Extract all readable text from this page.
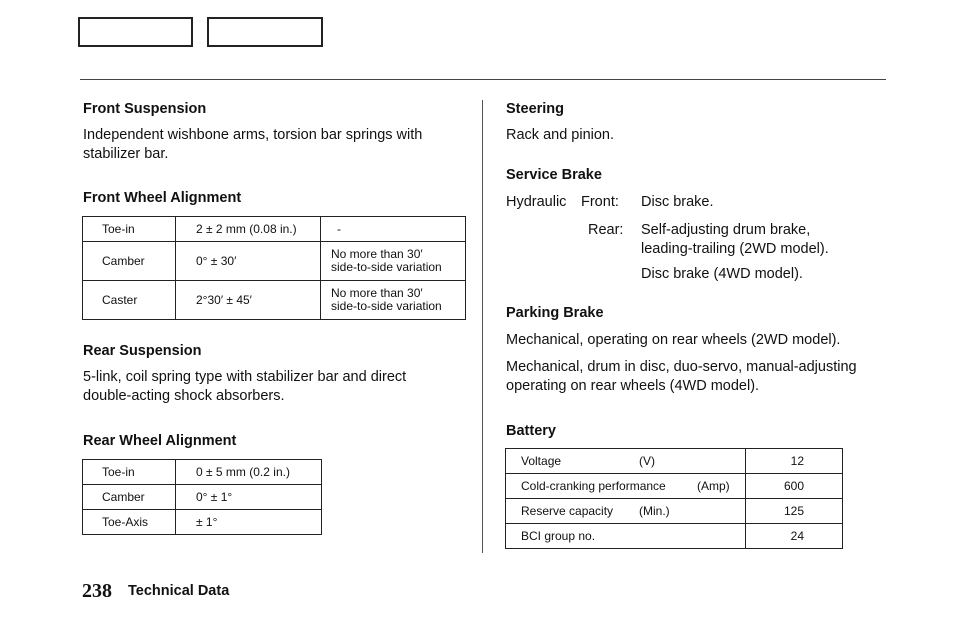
Front Suspension
Independent wishbone arms, torsion bar springs with
stabilizer bar.
Front Wheel Alignment
Toe-in	2 ± 2 mm (0.08 in.)	-
Camber	0° ± 30′	No more than 30′
side-to-side variation

Caster	2°30′ ± 45′	No more than 30′
side-to-side variation
Rear Suspension
5-link, coil spring type with stabilizer bar and direct
double-acting shock absorbers.
Rear Wheel Alignment
Toe-in	0 ± 5 mm (0.2 in.)
Camber	0° ± 1°
Toe-Axis	± 1°
Steering
Rack and pinion.
Service Brake
Hydraulic Front: Disc brake.
Rear: Self-adjusting drum brake,
leading-trailing (2WD model).
Disc brake (4WD model).
Parking Brake
Mechanical, operating on rear wheels (2WD model).
Mechanical, drum in disc, duo-servo, manual-adjusting
operating on rear wheels (4WD model).
Battery
Voltage (V)	12
Cold-cranking performance (Amp)	600
Reserve capacity (Min.)	125
BCI group no.	24
238 Technical Data
